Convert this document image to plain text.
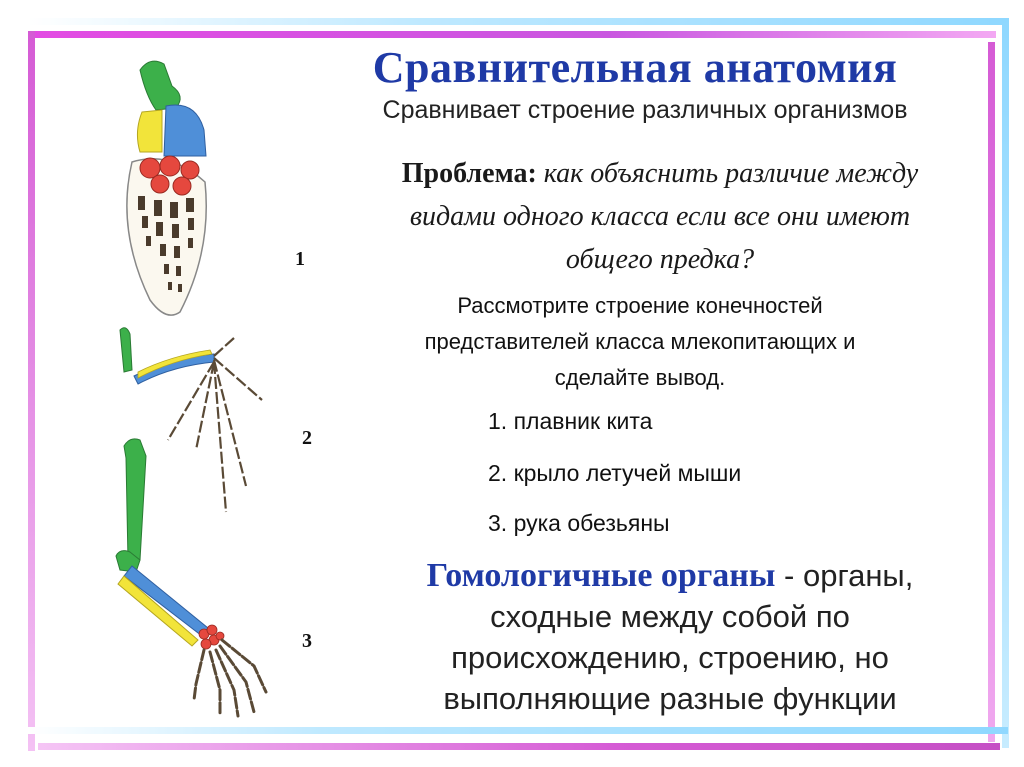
1
2
3
Сравнительная анатомия
Сравнивает строение различных организмов
Проблема: как объяснить различие между видами одного класса если все они имеют общего предка?
Рассмотрите строение конечностей представителей класса млекопитающих и сделайте вывод.
1. плавник кита
2. крыло летучей мыши
3. рука обезьяны
Гомологичные органы - органы, сходные между собой по происхождению, строению, но выполняющие разные функции
